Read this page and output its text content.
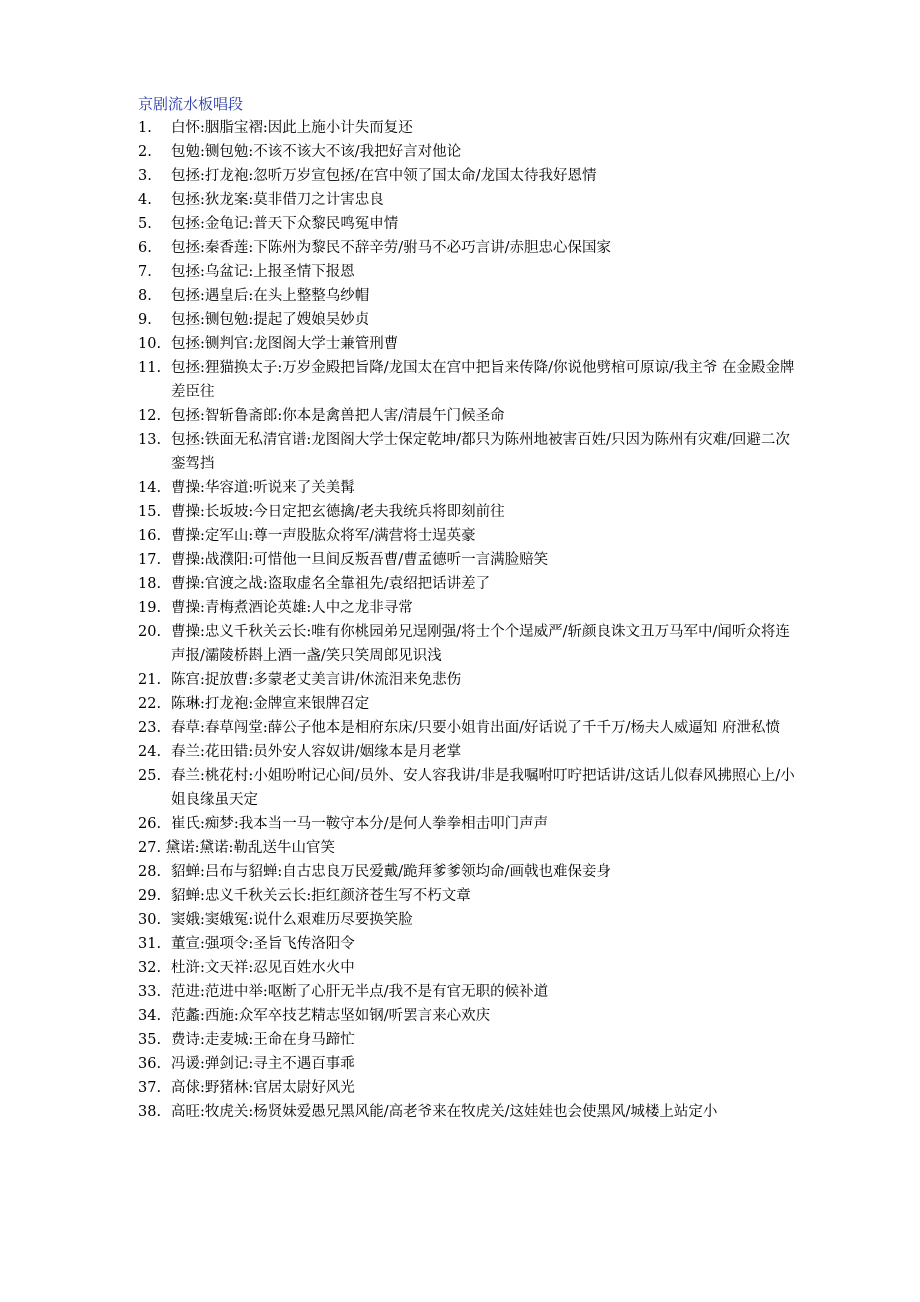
京剧流水板唱段
1. 白怀:胭脂宝褶:因此上施小计失而复还
2. 包勉:铡包勉:不该不该大不该/我把好言对他论
3. 包拯:打龙袍:忽听万岁宣包拯/在宫中领了国太命/龙国太待我好恩情
4. 包拯:狄龙案:莫非借刀之计害忠良
5. 包拯:金龟记:普天下众黎民鸣冤申情
6. 包拯:秦香莲:下陈州为黎民不辞辛劳/驸马不必巧言讲/赤胆忠心保国家
7. 包拯:乌盆记:上报圣情下报恩
8. 包拯:遇皇后:在头上整整乌纱帽
9. 包拯:铡包勉:提起了嫂娘吴妙贞
10. 包拯:铡判官:龙图阁大学士兼管刑曹
11. 包拯:狸猫换太子:万岁金殿把旨降/龙国太在宫中把旨来传降/你说他劈棺可原谅/我主爷 在金殿金牌差臣往
12. 包拯:智斩鲁斋郎:你本是禽兽把人害/清晨午门候圣命
13. 包拯:铁面无私清官谱:龙图阁大学士保定乾坤/都只为陈州地被害百姓/只因为陈州有灾难/回避二次銮驾挡
14. 曹操:华容道:听说来了关美髯
15. 曹操:长坂坡:今日定把玄德擒/老夫我统兵将即刻前往
16. 曹操:定军山:尊一声股肱众将军/满营将士逞英豪
17. 曹操:战濮阳:可惜他一旦间反叛吾曹/曹孟德听一言满脸赔笑
18. 曹操:官渡之战:盗取虚名全靠祖先/袁绍把话讲差了
19. 曹操:青梅煮酒论英雄:人中之龙非寻常
20. 曹操:忠义千秋关云长:唯有你桃园弟兄逞刚强/将士个个逞威严/斩颜良诛文丑万马军中/闻听众将连声报/灞陵桥斟上酒一盏/笑只笑周郎见识浅
21. 陈宫:捉放曹:多蒙老丈美言讲/休流泪来免悲伤
22. 陈琳:打龙袍:金牌宣来银牌召定
23. 春草:春草闯堂:薛公子他本是相府东床/只要小姐肯出面/好话说了千千万/杨夫人威逼知 府泄私愤
24. 春兰:花田错:员外安人容奴讲/姻缘本是月老掌
25. 春兰:桃花村:小姐吩咐记心间/员外、安人容我讲/非是我嘱咐叮咛把话讲/这话儿似春风拂照心上/小姐良缘虽天定
26. 崔氏:痴梦:我本当一马一鞍守本分/是何人拳拳相击叩门声声
27. 黛诺:黛诺:勒乱送牛山官笑
28. 貂蝉:吕布与貂蝉:自古忠良万民爱戴/跪拜爹爹领均命/画戟也难保妾身
29. 貂蝉:忠义千秋关云长:拒红颜济苍生写不朽文章
30. 窦娥:窦娥冤:说什么艰难历尽要换笑脸
31. 董宣:强项令:圣旨飞传洛阳令
32. 杜浒:文天祥:忍见百姓水火中
33. 范进:范进中举:呕断了心肝无半点/我不是有官无职的候补道
34. 范蠡:西施:众军卒技艺精志坚如钢/听罢言来心欢庆
35. 费诗:走麦城:王命在身马蹄忙
36. 冯谖:弹剑记:寻主不遇百事乖
37. 高俅:野猪林:官居太尉好风光
38. 高旺:牧虎关:杨贤妹爱愚兄黑风能/高老爷来在牧虎关/这娃娃也会使黑风/城楼上站定小
